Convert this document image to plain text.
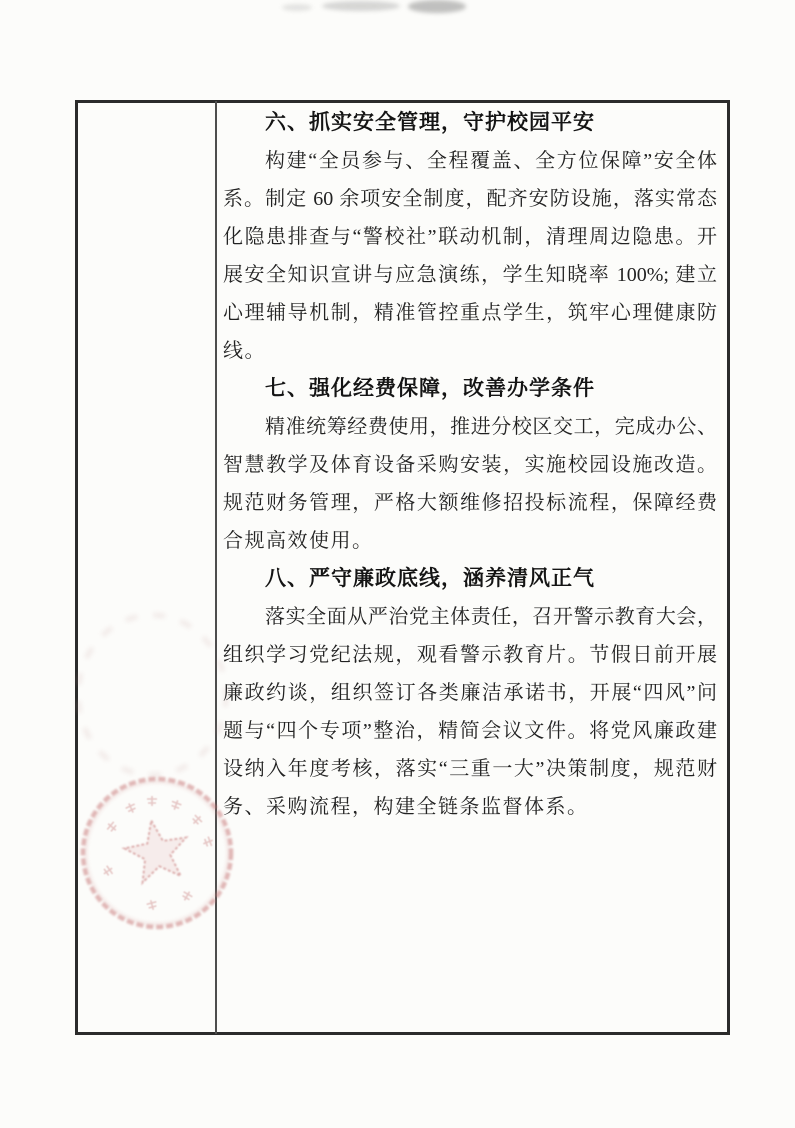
六、抓实安全管理，守护校园平安
构建“全员参与、全程覆盖、全方位保障”安全体
系。制定 60 余项安全制度，配齐安防设施，落实常态
化隐患排查与“警校社”联动机制，清理周边隐患。开
展安全知识宣讲与应急演练，学生知晓率 100%; 建立
心理辅导机制，精准管控重点学生，筑牢心理健康防
线。
七、强化经费保障，改善办学条件
精准统筹经费使用，推进分校区交工，完成办公、
智慧教学及体育设备采购安装，实施校园设施改造。
规范财务管理，严格大额维修招投标流程，保障经费
合规高效使用。
八、严守廉政底线，涵养清风正气
落实全面从严治党主体责任，召开警示教育大会，
组织学习党纪法规，观看警示教育片。节假日前开展
廉政约谈，组织签订各类廉洁承诺书，开展“四风”问
题与“四个专项”整治，精简会议文件。将党风廉政建
设纳入年度考核，落实“三重一大”决策制度，规范财
务、采购流程，构建全链条监督体系。
